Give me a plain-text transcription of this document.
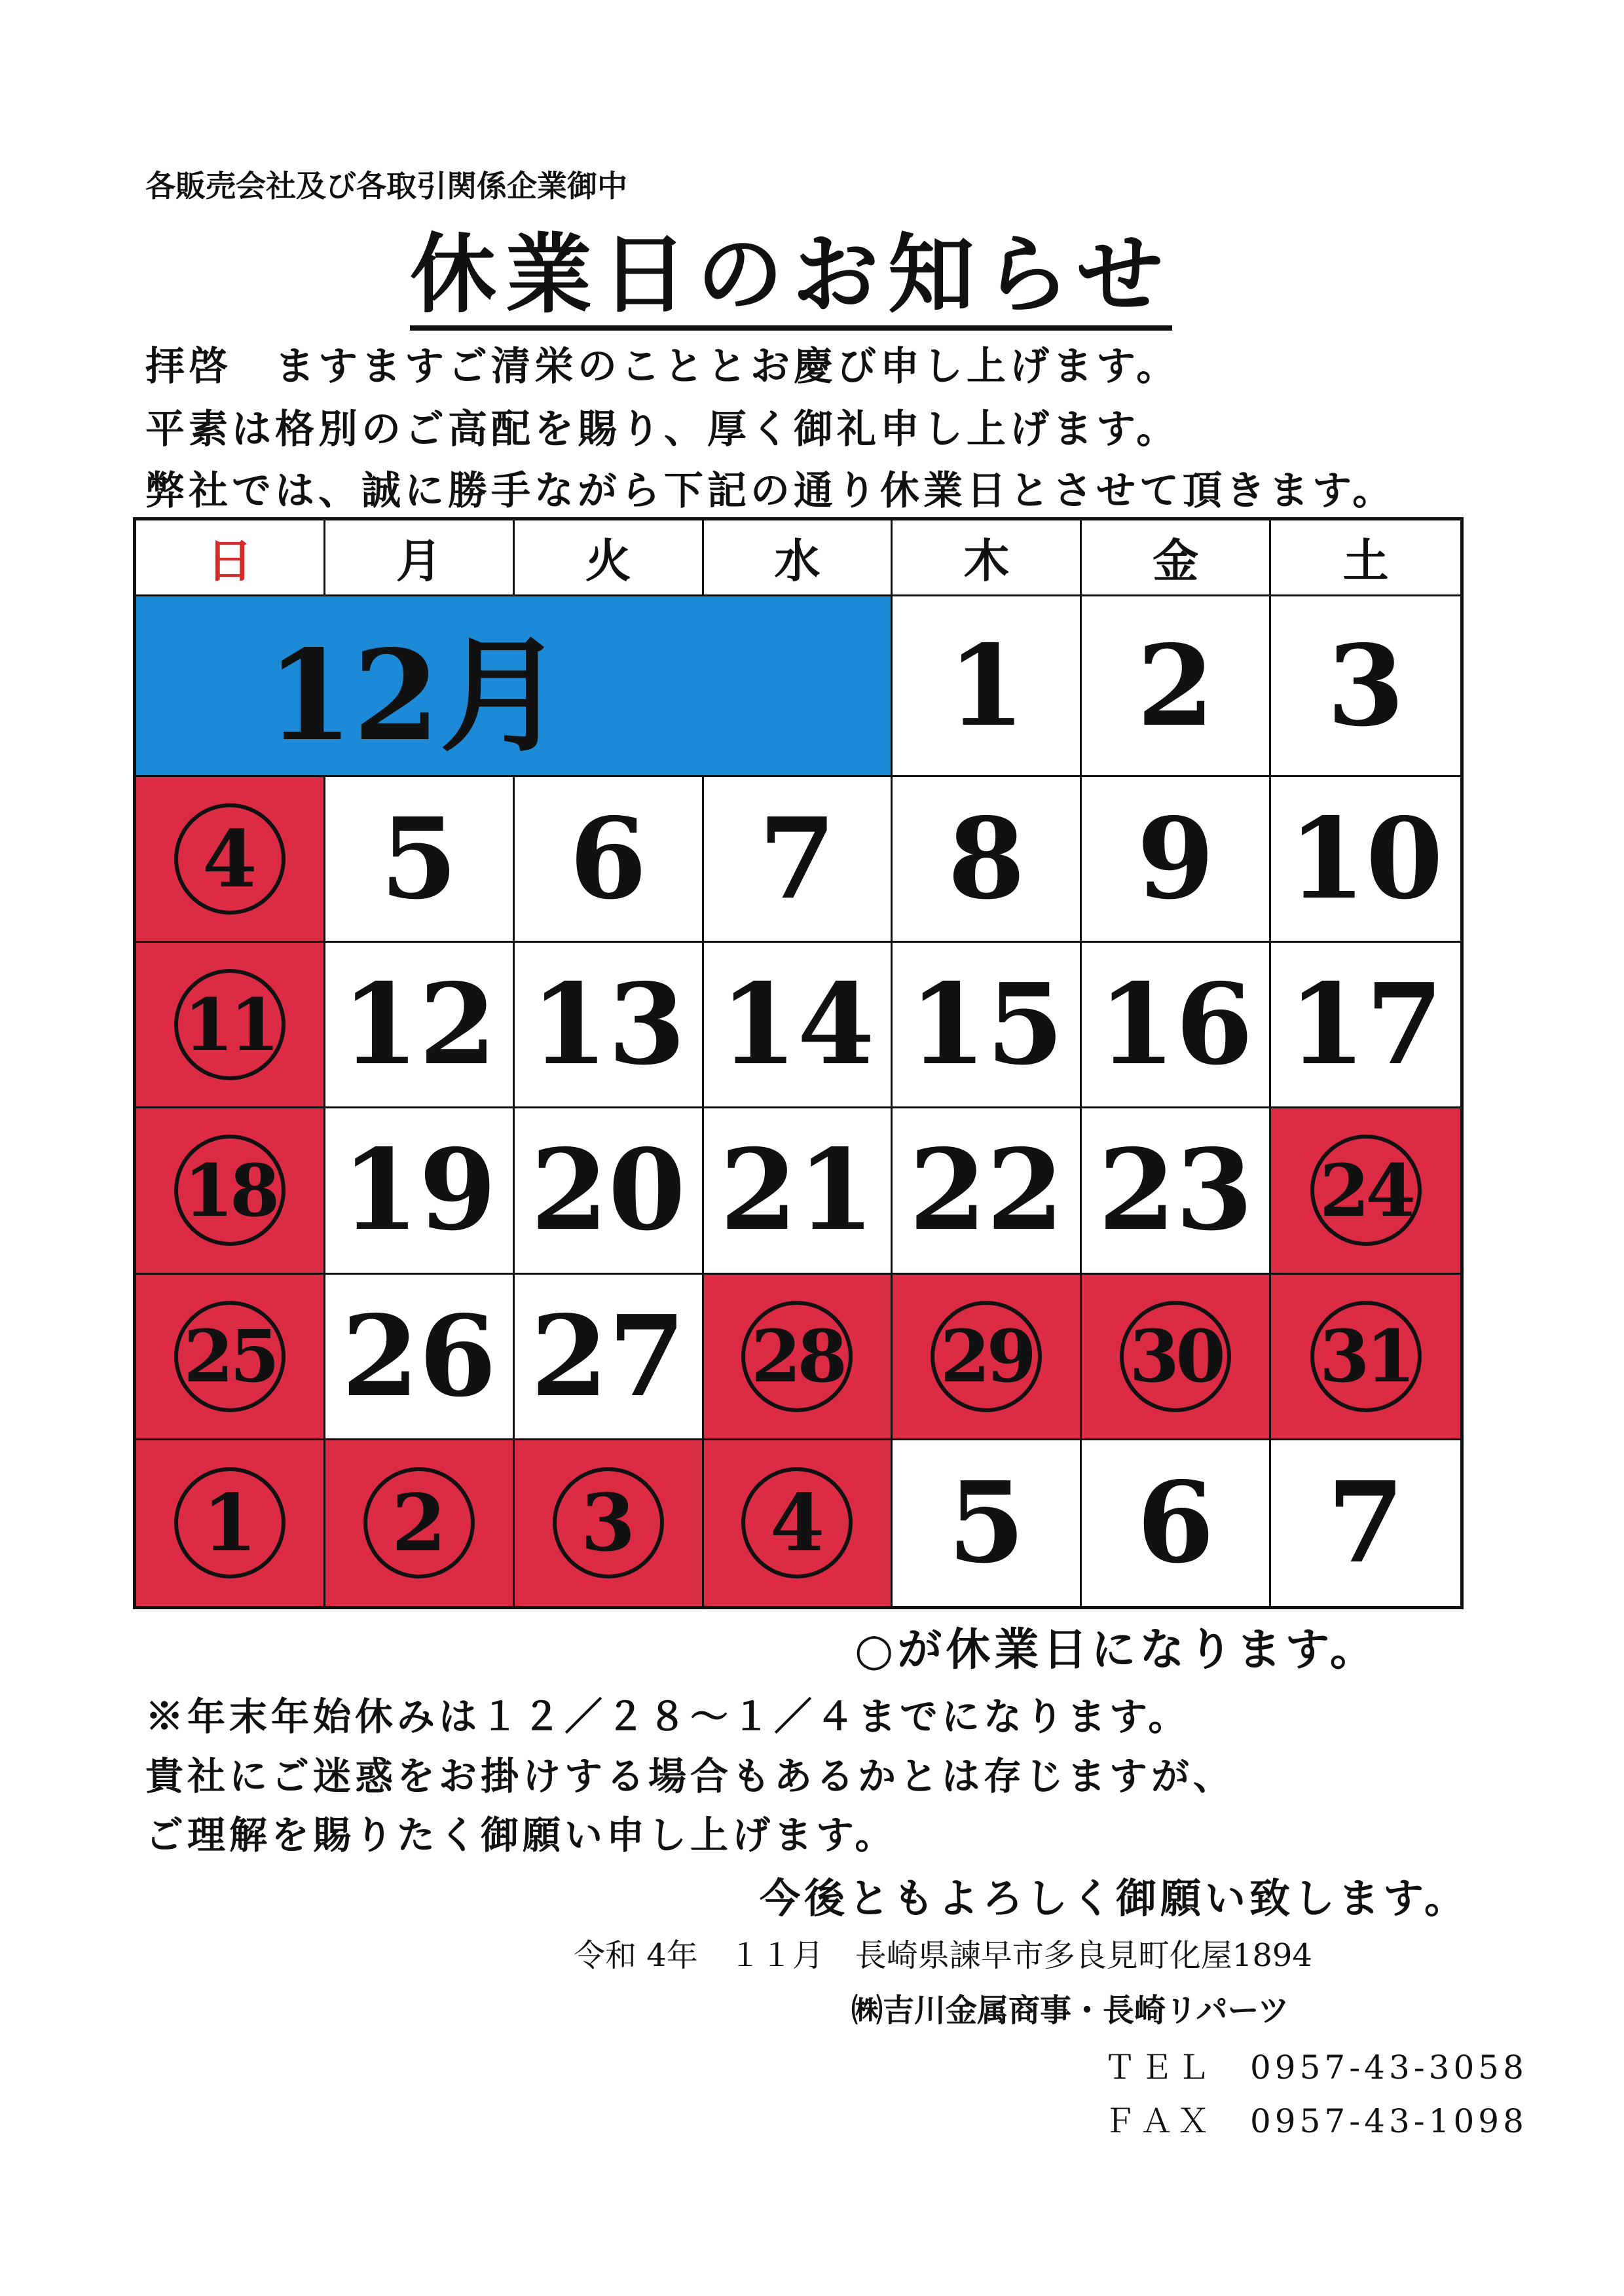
各販売会社及び各取引関係企業御中
休業日のお知らせ
拝啓　ますますご清栄のこととお慶び申し上げます。
平素は格別のご高配を賜り、厚く御礼申し上げます。
弊社では、誠に勝手ながら下記の通り休業日とさせて頂きます。
日	月	火	水	木	金	土
12月	1	2	3
4	5	6	7	8	9 10
11 12 13 14 15 16 17
18 19 20 21 22 23 24
25 26 27 28 29 30 31
1	2	3	4	5	6	7
○が休業日になります。
※年末年始休みは１２／２８～１／４までになります。
貴社にご迷惑をお掛けする場合もあるかとは存じますが、
ご理解を賜りたく御願い申し上げます。
今後ともよろしく御願い致します。
令和 4年　１１月　長崎県諫早市多良見町化屋1894
㈱吉川金属商事・長崎リパーツ
ＴＥＬ　0957-43-3058
ＦＡＸ　0957-43-1098
